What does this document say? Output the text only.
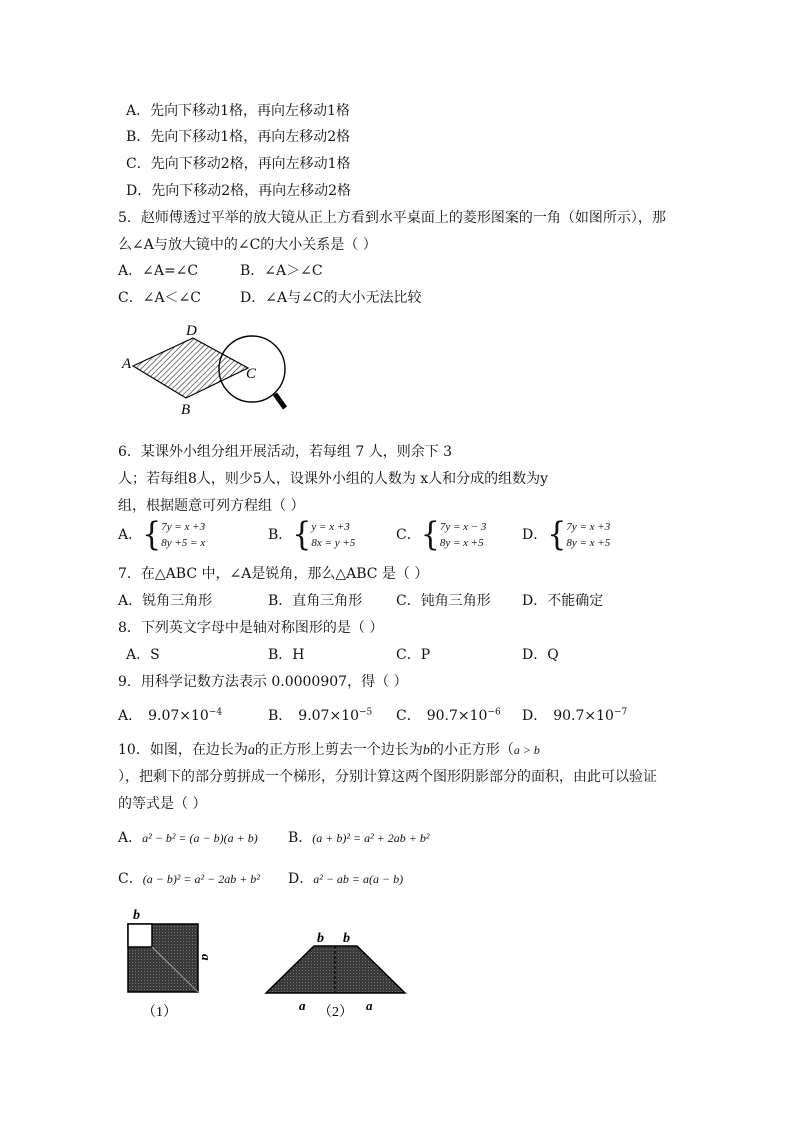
A．先向下移动1格，再向左移动1格
B．先向下移动1格，再向左移动2格
C．先向下移动2格，再向左移动1格
D．先向下移动2格，再向左移动2格
5．赵师傅透过平举的放大镜从正上方看到水平桌面上的菱形图案的一角（如图所示），那
么∠A与放大镜中的∠C的大小关系是（ ）
A．∠A=∠C	B．∠A＞∠C
C．∠A＜∠C	D．∠A与∠C的大小无法比较
A
D
C
B
6．某课外小组分组开展活动，若每组 7 人，则余下 3
人；若每组8人，则少5人，设课外小组的人数为 x人和分成的组数为y
组，根据题意可列方程组（ ）
A．{7y = x +3
8y +5 = x	B．{y = x +3
8x = y +5	C．{7y = x − 3
8y = x +5	D．{7y = x +3
8y = x +5
7．在△ABC 中，∠A是锐角，那么△ABC 是（ ）
A．锐角三角形	B．直角三角形 C．钝角三角形 D．不能确定
8．下列英文字母中是轴对称图形的是（ ）
A．S	B．H	C．P	D．Q
9．用科学记数方法表示 0.0000907，得（ ）
A． $9.07\times 10^{-4}$	B． $9.07\times 10^{-5}$ C． $90.7\times 10^{-6}$ D． $90.7\times 10^{-7}$
10．如图，在边长为a的正方形上剪去一个边长为b的小正方形（a > b
），把剩下的部分剪拼成一个梯形，分别计算这两个图形阴影部分的面积，由此可以验证
的等式是（ ）
A．a² − b² = (a − b)(a + b) B．(a + b)² = a² + 2ab + b²
C．(a − b)² = a² − 2ab + b² D．a² − ab = a(a − b)
b
a
（1）
b b
a	a
（2）
